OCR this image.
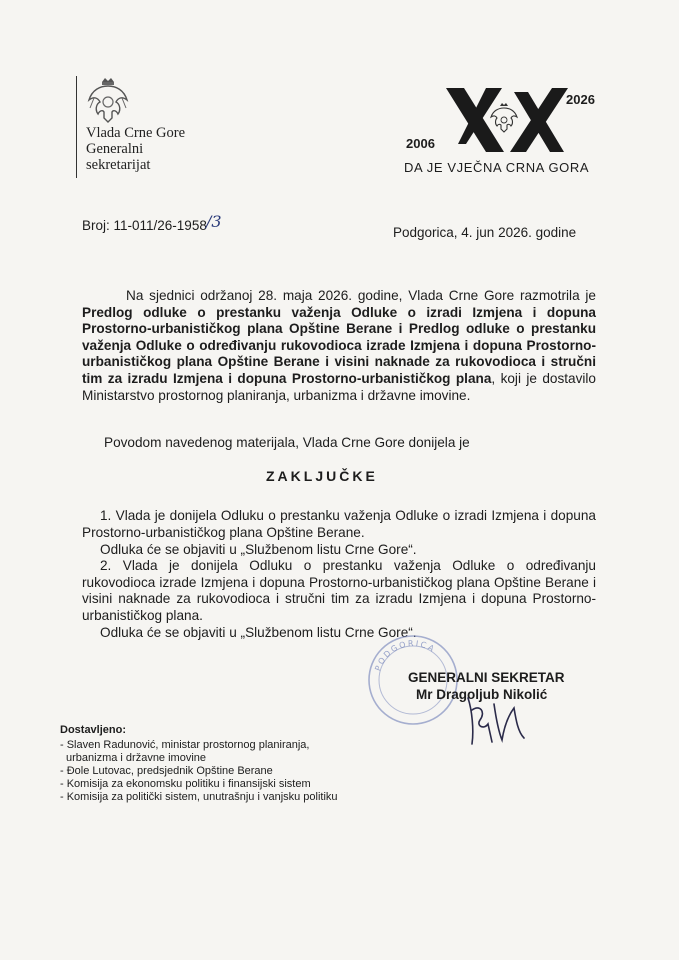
Vlada Crne Gore
Generalni
sekretarijat
2026
2006
DA JE VJEČNA CRNA GORA
Broj: 11-011/26-1958 /3
Podgorica, 4. jun 2026. godine
Na sjednici održanoj 28. maja 2026. godine, Vlada Crne Gore razmotrila je Predlog odluke o prestanku važenja Odluke o izradi Izmjena i dopuna Prostorno-urbanističkog plana Opštine Berane i Predlog odluke o prestanku važenja Odluke o određivanju rukovodioca izrade Izmjena i dopuna Prostorno-urbanističkog plana Opštine Berane i visini naknade za rukovodioca i stručni tim za izradu Izmjena i dopuna Prostorno-urbanističkog plana, koji je dostavilo Ministarstvo prostornog planiranja, urbanizma i državne imovine.
Povodom navedenog materijala, Vlada Crne Gore donijela je
ZAKLJUČKE
1. Vlada je donijela Odluku o prestanku važenja Odluke o izradi Izmjena i dopuna Prostorno-urbanističkog plana Opštine Berane.
Odluka će se objaviti u „Službenom listu Crne Gore“.
2. Vlada je donijela Odluku o prestanku važenja Odluke o određivanju rukovodioca izrade Izmjena i dopuna Prostorno-urbanističkog plana Opštine Berane i visini naknade za rukovodioca i stručni tim za izradu Izmjena i dopuna Prostorno-urbanističkog plana.
Odluka će se objaviti u „Službenom listu Crne Gore“.
PODGORICA
GENERALNI SEKRETAR
Mr Dragoljub Nikolić
Dostavljeno:
- Slaven Radunović, ministar prostornog planiranja,
urbanizma i državne imovine
- Đole Lutovac, predsjednik Opštine Berane
- Komisija za ekonomsku politiku i finansijski sistem
- Komisija za politički sistem, unutrašnju i vanjsku politiku
